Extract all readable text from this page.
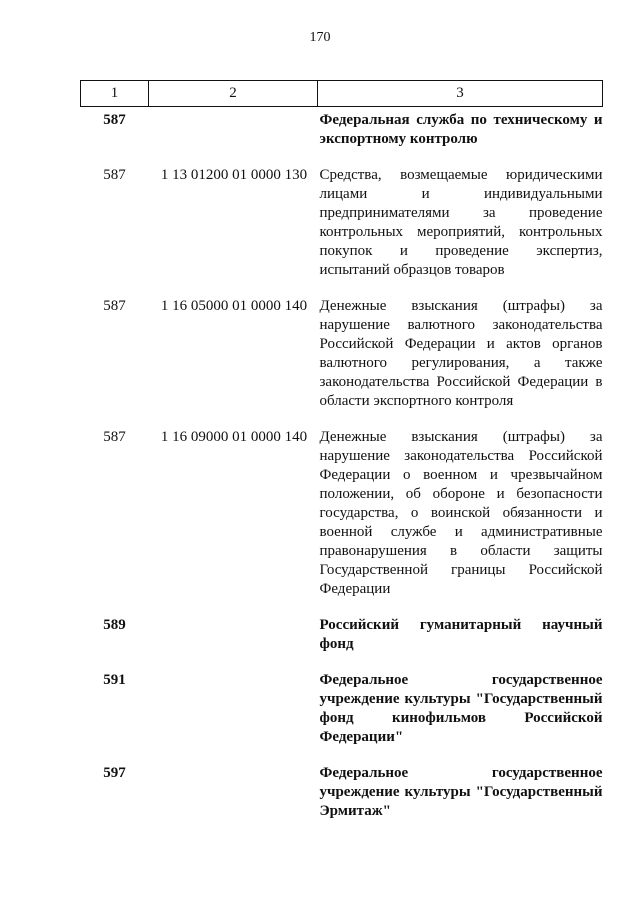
170
1	2	3
587		Федеральная служба по техническому и экспортному контролю
587	1 13 01200 01 0000 130	Средства, возмещаемые юридическими лицами и индивидуальными предпринимателями за проведение контрольных мероприятий, контрольных покупок и проведение экспертиз, испытаний образцов товаров
587	1 16 05000 01 0000 140	Денежные взыскания (штрафы) за нарушение валютного законодательства Российской Федерации и актов органов валютного регулирования, а также законодательства Российской Федерации в области экспортного контроля
587	1 16 09000 01 0000 140	Денежные взыскания (штрафы) за нарушение законодательства Российской Федерации о военном и чрезвычайном положении, об обороне и безопасности государства, о воинской обязанности и военной службе и административные правонарушения в области защиты Государственной границы Российской Федерации
589		Российский гуманитарный научный фонд
591		Федеральное государственное учреждение культуры "Государственный фонд кинофильмов Российской Федерации"
597		Федеральное государственное учреждение культуры "Государственный Эрмитаж"
